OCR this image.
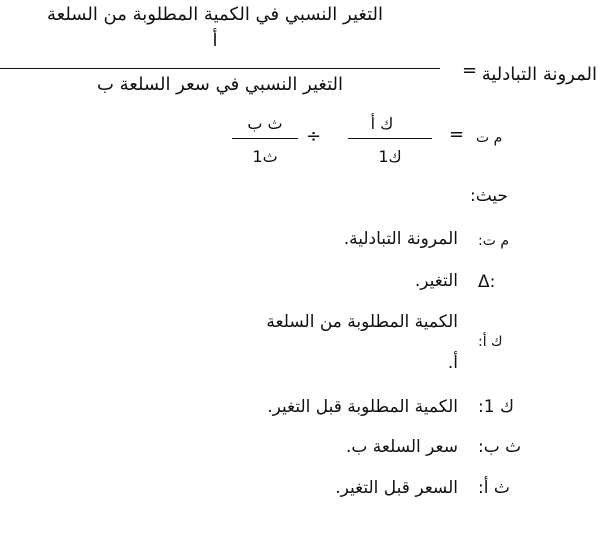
التغير النسبي في الكمية المطلوبة من السلعة
أ
التغير النسبي في سعر السلعة ب
= المرونة التبادلية
ث ب
ث1
÷
ك أ
ك1
= م ت
حيث:
م ت:
المرونة التبادلية.
Δ:
التغير.
ك أ:
الكمية المطلوبة من السلعة
أ.
ك 1:
الكمية المطلوبة قبل التغير.
ث ب:
سعر السلعة ب.
ث أ:
السعر قبل التغير.
